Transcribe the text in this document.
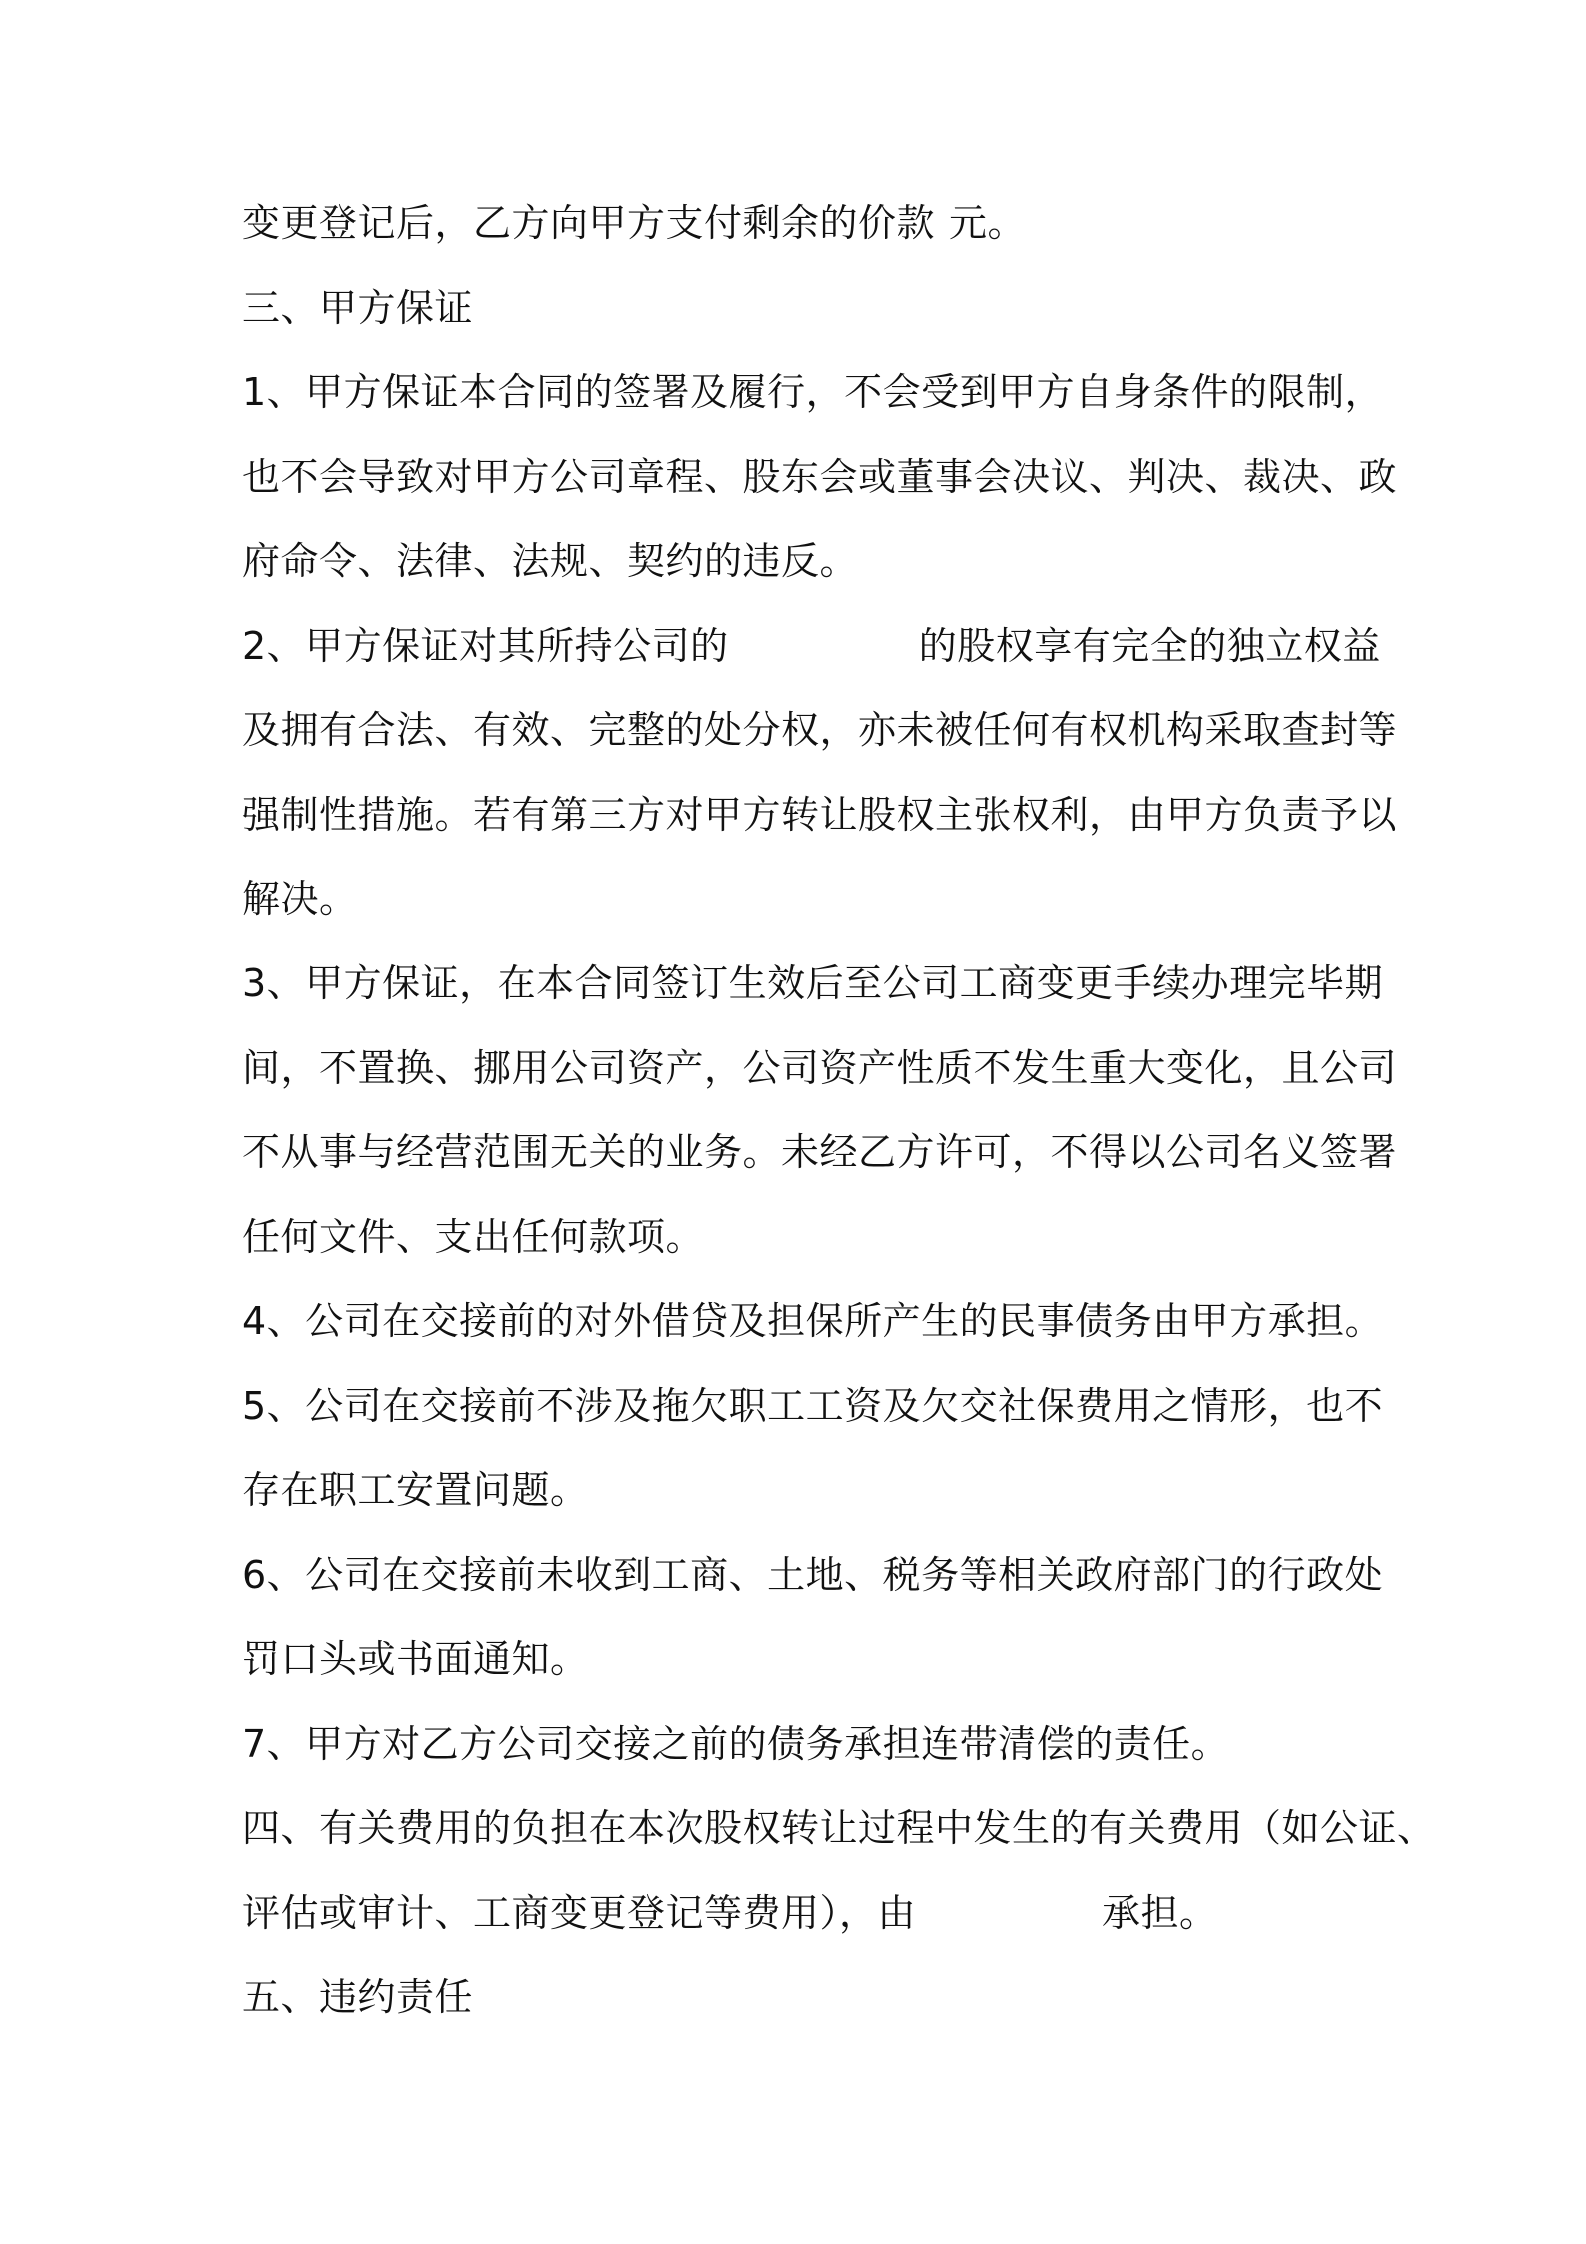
变更登记后，乙方向甲方支付剩余的价款 元。
三、甲方保证
1、甲方保证本合同的签署及履行，不会受到甲方自身条件的限制，
也不会导致对甲方公司章程、股东会或董事会决议、判决、裁决、政
府命令、法律、法规、契约的违反。
2、甲方保证对其所持公司的	的股权享有完全的独立权益
及拥有合法、有效、完整的处分权，亦未被任何有权机构采取查封等
强制性措施。若有第三方对甲方转让股权主张权利，由甲方负责予以
解决。
3、甲方保证，在本合同签订生效后至公司工商变更手续办理完毕期
间，不置换、挪用公司资产，公司资产性质不发生重大变化，且公司
不从事与经营范围无关的业务。未经乙方许可，不得以公司名义签署
任何文件、支出任何款项。
4、公司在交接前的对外借贷及担保所产生的民事债务由甲方承担。
5、公司在交接前不涉及拖欠职工工资及欠交社保费用之情形，也不
存在职工安置问题。
6、公司在交接前未收到工商、土地、税务等相关政府部门的行政处
罚口头或书面通知。
7、甲方对乙方公司交接之前的债务承担连带清偿的责任。
四、有关费用的负担在本次股权转让过程中发生的有关费用（如公证、
评估或审计、工商变更登记等费用），由	承担。
五、违约责任
